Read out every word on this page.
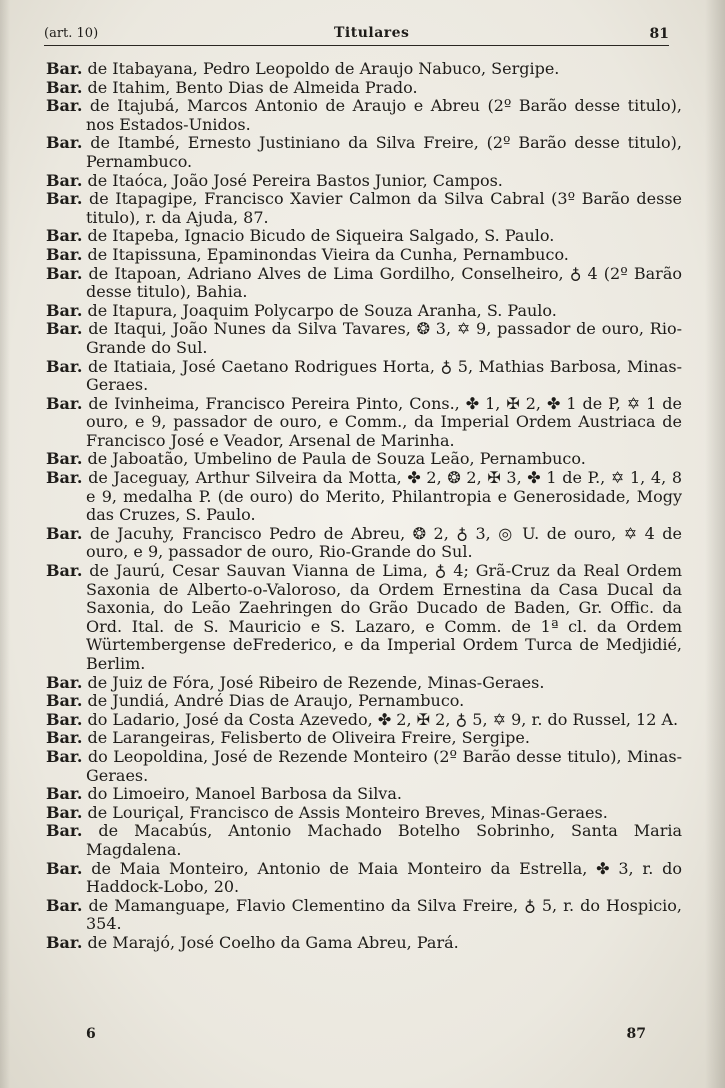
(art. 10)	Titulares	81
Bar. de Itabayana, Pedro Leopoldo de Araujo Nabuco, Sergipe.
Bar. de Itahim, Bento Dias de Almeida Prado.
Bar. de Itajubá, Marcos Antonio de Araujo e Abreu (2º Barão desse titulo), nos Estados-Unidos.
Bar. de Itambé, Ernesto Justiniano da Silva Freire, (2º Barão desse titulo), Pernambuco.
Bar. de Itaóca, João José Pereira Bastos Junior, Campos.
Bar. de Itapagipe, Francisco Xavier Calmon da Silva Cabral (3º Barão desse titulo), r. da Ajuda, 87.
Bar. de Itapeba, Ignacio Bicudo de Siqueira Salgado, S. Paulo.
Bar. de Itapissuna, Epaminondas Vieira da Cunha, Pernambuco.
Bar. de Itapoan, Adriano Alves de Lima Gordilho, Conselheiro, ♁ 4 (2º Barão desse titulo), Bahia.
Bar. de Itapura, Joaquim Polycarpo de Souza Aranha, S. Paulo.
Bar. de Itaqui, João Nunes da Silva Tavares, ❂ 3, ✡ 9, passador de ouro, Rio-Grande do Sul.
Bar. de Itatiaia, José Caetano Rodrigues Horta, ♁ 5, Mathias Barbosa, Minas-Geraes.
Bar. de Ivinheima, Francisco Pereira Pinto, Cons., ✤ 1, ✠ 2, ✤ 1 de P, ✡ 1 de ouro, e 9, passador de ouro, e Comm., da Imperial Ordem Austriaca de Francisco José e Veador, Arsenal de Marinha.
Bar. de Jaboatão, Umbelino de Paula de Souza Leão, Pernambuco.
Bar. de Jaceguay, Arthur Silveira da Motta, ✤ 2, ❂ 2, ✠ 3, ✤ 1 de P., ✡ 1, 4, 8 e 9, medalha P. (de ouro) do Merito, Philantropia e Generosidade, Mogy das Cruzes, S. Paulo.
Bar. de Jacuhy, Francisco Pedro de Abreu, ❂ 2, ♁ 3, ◎ U. de ouro, ✡ 4 de ouro, e 9, passador de ouro, Rio-Grande do Sul.
Bar. de Jaurú, Cesar Sauvan Vianna de Lima, ♁ 4; Grã-Cruz da Real Ordem Saxonia de Alberto-o-Valoroso, da Ordem Ernestina da Casa Ducal da Saxonia, do Leão Zaehringen do Grão Ducado de Baden, Gr. Offic. da Ord. Ital. de S. Mauricio e S. Lazaro, e Comm. de 1ª cl. da Ordem Würtembergense deFrederico, e da Imperial Ordem Turca de Medjidié, Berlim.
Bar. de Juiz de Fóra, José Ribeiro de Rezende, Minas-Geraes.
Bar. de Jundiá, André Dias de Araujo, Pernambuco.
Bar. do Ladario, José da Costa Azevedo, ✤ 2, ✠ 2, ♁ 5, ✡ 9, r. do Russel, 12 A.
Bar. de Larangeiras, Felisberto de Oliveira Freire, Sergipe.
Bar. do Leopoldina, José de Rezende Monteiro (2º Barão desse titulo), Minas-Geraes.
Bar. do Limoeiro, Manoel Barbosa da Silva.
Bar. de Louriçal, Francisco de Assis Monteiro Breves, Minas-Geraes.
Bar. de Macabús, Antonio Machado Botelho Sobrinho, Santa Maria Magdalena.
Bar. de Maia Monteiro, Antonio de Maia Monteiro da Estrella, ✤ 3, r. do Haddock-Lobo, 20.
Bar. de Mamanguape, Flavio Clementino da Silva Freire, ♁ 5, r. do Hospicio, 354.
Bar. de Marajó, José Coelho da Gama Abreu, Pará.
6	87
